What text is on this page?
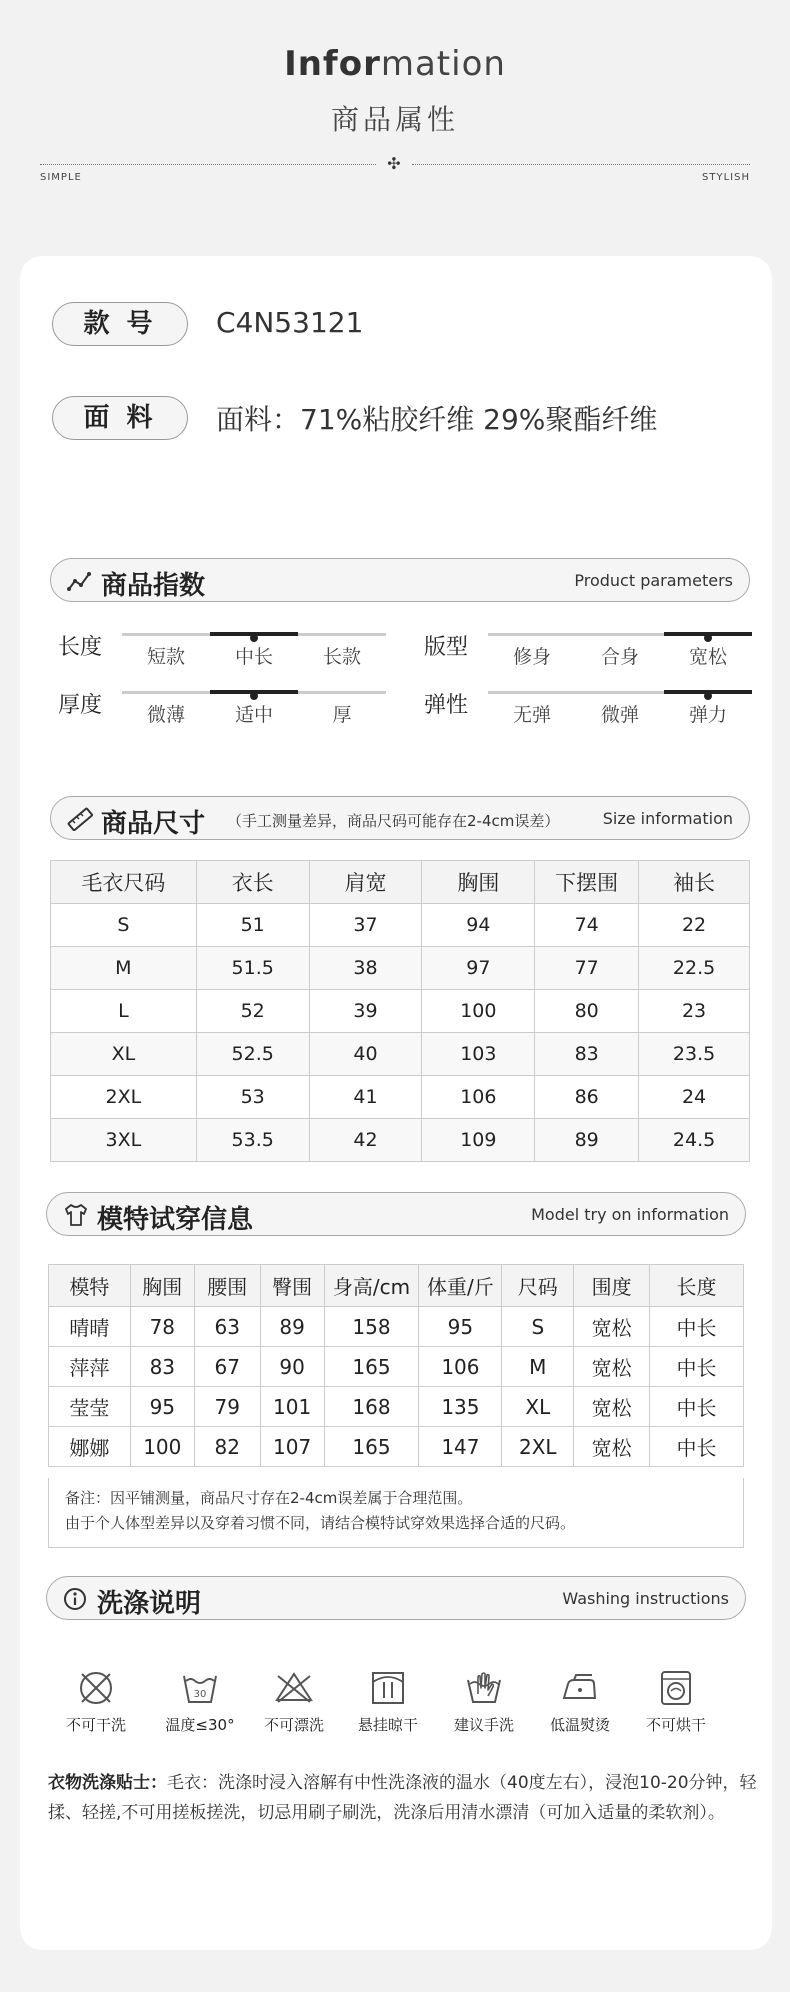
Information
商品属性
✣
SIMPLE	STYLISH
款 号	C4N53121
面 料	面料：71%粘胶纤维 29%聚酯纤维
商品指数	Product parameters
长度	短款	中长	长款	版型	修身	合身	宽松
厚度	微薄	适中	厚	弹性	无弹	微弹	弹力
商品尺寸 （手工测量差异，商品尺码可能存在2-4cm误差）	Size information
毛衣尺码	衣长	肩宽	胸围	下摆围	袖长
S	51	37	94	74	22
M	51.5	38	97	77	22.5
L	52	39	100	80	23
XL	52.5	40	103	83	23.5
2XL	53	41	106	86	24
3XL	53.5	42	109	89	24.5
模特试穿信息	Model try on information
模特	胸围	腰围	臀围	身高/cm	体重/斤	尺码	围度	长度
晴晴	78	63	89	158	95	S	宽松	中长
萍萍	83	67	90	165	106	M	宽松	中长
莹莹	95	79	101	168	135	XL	宽松	中长
娜娜	100	82	107	165	147	2XL	宽松	中长
备注：因平铺测量，商品尺寸存在2-4cm误差属于合理范围。
由于个人体型差异以及穿着习惯不同，请结合模特试穿效果选择合适的尺码。
洗涤说明	Washing instructions
不可干洗
30
温度≤30°	不可漂洗	悬挂晾干	建议手洗	低温熨烫	不可烘干
衣物洗涤贴士：毛衣：洗涤时浸入溶解有中性洗涤液的温水（40度左右），浸泡10-20分钟，轻揉、轻搓,不可用搓板搓洗，切忌用刷子刷洗，洗涤后用清水漂清（可加入适量的柔软剂）。
